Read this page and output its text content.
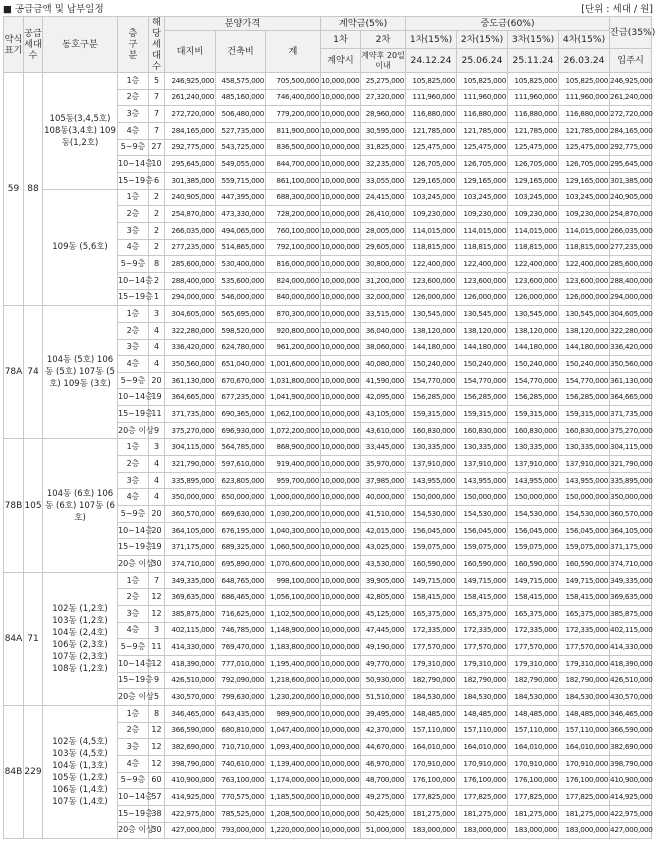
■ 공급금액 및 납부일정	[단위 : 세대 / 원]
약식표기	공급세대수	동호구분	층구분	해당세대수	분양가격			계약금(5%)		중도금(60%)				잔금(35%)
					대지비	건축비	계	1차	2차	1차(15%)	2차(15%)	3차(15%)	4차(15%)	
								계약시	계약후 20일 이내	24.12.24	25.06.24	25.11.24	26.03.24	입주시
59	88	105동(3,4,5호) 108동(3,4호) 109동(1,2호)	1층	5	246,925,000	458,575,000	705,500,000	10,000,000	25,275,000	105,825,000	105,825,000	105,825,000	105,825,000	246,925,000
			2층	7	261,240,000	485,160,000	746,400,000	10,000,000	27,320,000	111,960,000	111,960,000	111,960,000	111,960,000	261,240,000
			3층	7	272,720,000	506,480,000	779,200,000	10,000,000	28,960,000	116,880,000	116,880,000	116,880,000	116,880,000	272,720,000
			4층	7	284,165,000	527,735,000	811,900,000	10,000,000	30,595,000	121,785,000	121,785,000	121,785,000	121,785,000	284,165,000
			5~9층	27	292,775,000	543,725,000	836,500,000	10,000,000	31,825,000	125,475,000	125,475,000	125,475,000	125,475,000	292,775,000
			10~14층	10	295,645,000	549,055,000	844,700,000	10,000,000	32,235,000	126,705,000	126,705,000	126,705,000	126,705,000	295,645,000
			15~19층	6	301,385,000	559,715,000	861,100,000	10,000,000	33,055,000	129,165,000	129,165,000	129,165,000	129,165,000	301,385,000
		109동 (5,6호)	1층	2	240,905,000	447,395,000	688,300,000	10,000,000	24,415,000	103,245,000	103,245,000	103,245,000	103,245,000	240,905,000
			2층	2	254,870,000	473,330,000	728,200,000	10,000,000	26,410,000	109,230,000	109,230,000	109,230,000	109,230,000	254,870,000
			3층	2	266,035,000	494,065,000	760,100,000	10,000,000	28,005,000	114,015,000	114,015,000	114,015,000	114,015,000	266,035,000
			4층	2	277,235,000	514,865,000	792,100,000	10,000,000	29,605,000	118,815,000	118,815,000	118,815,000	118,815,000	277,235,000
			5~9층	8	285,600,000	530,400,000	816,000,000	10,000,000	30,800,000	122,400,000	122,400,000	122,400,000	122,400,000	285,600,000
			10~14층	2	288,400,000	535,600,000	824,000,000	10,000,000	31,200,000	123,600,000	123,600,000	123,600,000	123,600,000	288,400,000
			15~19층	1	294,000,000	546,000,000	840,000,000	10,000,000	32,000,000	126,000,000	126,000,000	126,000,000	126,000,000	294,000,000
78A	74	104동 (5호) 106동 (5호) 107동 (5호) 109동 (3호)	1층	3	304,605,000	565,695,000	870,300,000	10,000,000	33,515,000	130,545,000	130,545,000	130,545,000	130,545,000	304,605,000
			2층	4	322,280,000	598,520,000	920,800,000	10,000,000	36,040,000	138,120,000	138,120,000	138,120,000	138,120,000	322,280,000
			3층	4	336,420,000	624,780,000	961,200,000	10,000,000	38,060,000	144,180,000	144,180,000	144,180,000	144,180,000	336,420,000
			4층	4	350,560,000	651,040,000	1,001,600,000	10,000,000	40,080,000	150,240,000	150,240,000	150,240,000	150,240,000	350,560,000
			5~9층	20	361,130,000	670,670,000	1,031,800,000	10,000,000	41,590,000	154,770,000	154,770,000	154,770,000	154,770,000	361,130,000
			10~14층	19	364,665,000	677,235,000	1,041,900,000	10,000,000	42,095,000	156,285,000	156,285,000	156,285,000	156,285,000	364,665,000
			15~19층	11	371,735,000	690,365,000	1,062,100,000	10,000,000	43,105,000	159,315,000	159,315,000	159,315,000	159,315,000	371,735,000
			20층 이상	9	375,270,000	696,930,000	1,072,200,000	10,000,000	43,610,000	160,830,000	160,830,000	160,830,000	160,830,000	375,270,000
78B	105	104동 (6호) 106동 (6호) 107동 (6호)	1층	3	304,115,000	564,785,000	868,900,000	10,000,000	33,445,000	130,335,000	130,335,000	130,335,000	130,335,000	304,115,000
			2층	4	321,790,000	597,610,000	919,400,000	10,000,000	35,970,000	137,910,000	137,910,000	137,910,000	137,910,000	321,790,000
			3층	4	335,895,000	623,805,000	959,700,000	10,000,000	37,985,000	143,955,000	143,955,000	143,955,000	143,955,000	335,895,000
			4층	4	350,000,000	650,000,000	1,000,000,000	10,000,000	40,000,000	150,000,000	150,000,000	150,000,000	150,000,000	350,000,000
			5~9층	20	360,570,000	669,630,000	1,030,200,000	10,000,000	41,510,000	154,530,000	154,530,000	154,530,000	154,530,000	360,570,000
			10~14층	20	364,105,000	676,195,000	1,040,300,000	10,000,000	42,015,000	156,045,000	156,045,000	156,045,000	156,045,000	364,105,000
			15~19층	19	371,175,000	689,325,000	1,060,500,000	10,000,000	43,025,000	159,075,000	159,075,000	159,075,000	159,075,000	371,175,000
			20층 이상	30	374,710,000	695,890,000	1,070,600,000	10,000,000	43,530,000	160,590,000	160,590,000	160,590,000	160,590,000	374,710,000
84A	71	102동 (1,2호) 103동 (1,2호) 104동 (2,4호) 106동 (2,3호) 107동 (2,3호) 108동 (1,2호)	1층	7	349,335,000	648,765,000	998,100,000	10,000,000	39,905,000	149,715,000	149,715,000	149,715,000	149,715,000	349,335,000
			2층	12	369,635,000	686,465,000	1,056,100,000	10,000,000	42,805,000	158,415,000	158,415,000	158,415,000	158,415,000	369,635,000
			3층	12	385,875,000	716,625,000	1,102,500,000	10,000,000	45,125,000	165,375,000	165,375,000	165,375,000	165,375,000	385,875,000
			4층	3	402,115,000	746,785,000	1,148,900,000	10,000,000	47,445,000	172,335,000	172,335,000	172,335,000	172,335,000	402,115,000
			5~9층	11	414,330,000	769,470,000	1,183,800,000	10,000,000	49,190,000	177,570,000	177,570,000	177,570,000	177,570,000	414,330,000
			10~14층	12	418,390,000	777,010,000	1,195,400,000	10,000,000	49,770,000	179,310,000	179,310,000	179,310,000	179,310,000	418,390,000
			15~19층	9	426,510,000	792,090,000	1,218,600,000	10,000,000	50,930,000	182,790,000	182,790,000	182,790,000	182,790,000	426,510,000
			20층 이상	5	430,570,000	799,630,000	1,230,200,000	10,000,000	51,510,000	184,530,000	184,530,000	184,530,000	184,530,000	430,570,000
84B	229	102동 (4,5호) 103동 (4,5호) 104동 (1,3호) 105동 (1,2호) 106동 (1,4호) 107동 (1,4호)	1층	8	346,465,000	643,435,000	989,900,000	10,000,000	39,495,000	148,485,000	148,485,000	148,485,000	148,485,000	346,465,000
			2층	12	366,590,000	680,810,000	1,047,400,000	10,000,000	42,370,000	157,110,000	157,110,000	157,110,000	157,110,000	366,590,000
			3층	12	382,690,000	710,710,000	1,093,400,000	10,000,000	44,670,000	164,010,000	164,010,000	164,010,000	164,010,000	382,690,000
			4층	12	398,790,000	740,610,000	1,139,400,000	10,000,000	46,970,000	170,910,000	170,910,000	170,910,000	170,910,000	398,790,000
			5~9층	60	410,900,000	763,100,000	1,174,000,000	10,000,000	48,700,000	176,100,000	176,100,000	176,100,000	176,100,000	410,900,000
			10~14층	57	414,925,000	770,575,000	1,185,500,000	10,000,000	49,275,000	177,825,000	177,825,000	177,825,000	177,825,000	414,925,000
			15~19층	38	422,975,000	785,525,000	1,208,500,000	10,000,000	50,425,000	181,275,000	181,275,000	181,275,000	181,275,000	422,975,000
			20층 이상	30	427,000,000	793,000,000	1,220,000,000	10,000,000	51,000,000	183,000,000	183,000,000	183,000,000	183,000,000	427,000,000
